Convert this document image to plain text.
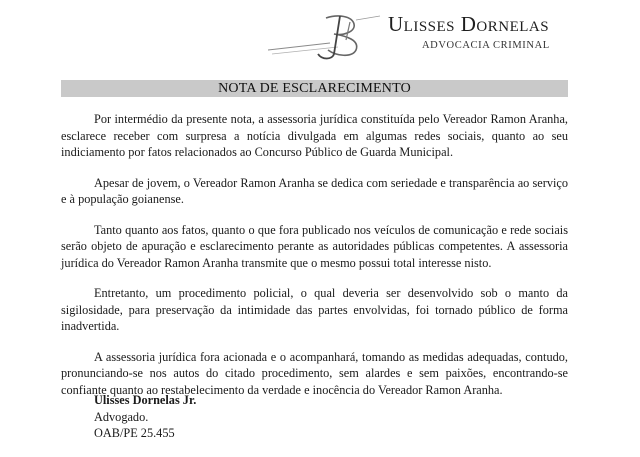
Ulisses Dornelas
ADVOCACIA CRIMINAL
NOTA DE ESCLARECIMENTO

Por intermédio da presente nota, a assessoria jurídica constituída pelo Vereador Ramon Aranha, esclarece receber com surpresa a notícia divulgada em algumas redes sociais, quanto ao seu indiciamento por fatos relacionados ao Concurso Público de Guarda Municipal.

Apesar de jovem, o Vereador Ramon Aranha se dedica com seriedade e transparência ao serviço e à população goianense.

Tanto quanto aos fatos, quanto o que fora publicado nos veículos de comunicação e rede sociais serão objeto de apuração e esclarecimento perante as autoridades públicas competentes. A assessoria jurídica do Vereador Ramon Aranha transmite que o mesmo possui total interesse nisto.

Entretanto, um procedimento policial, o qual deveria ser desenvolvido sob o manto da sigilosidade, para preservação da intimidade das partes envolvidas, foi tornado público de forma inadvertida.

A assessoria jurídica fora acionada e o acompanhará, tomando as medidas adequadas, contudo, pronunciando-se nos autos do citado procedimento, sem alardes e sem paixões, encontrando-se confiante quanto ao restabelecimento da verdade e inocência do Vereador Ramon Aranha.

Ulisses Dornelas Jr.
Advogado.
OAB/PE 25.455
